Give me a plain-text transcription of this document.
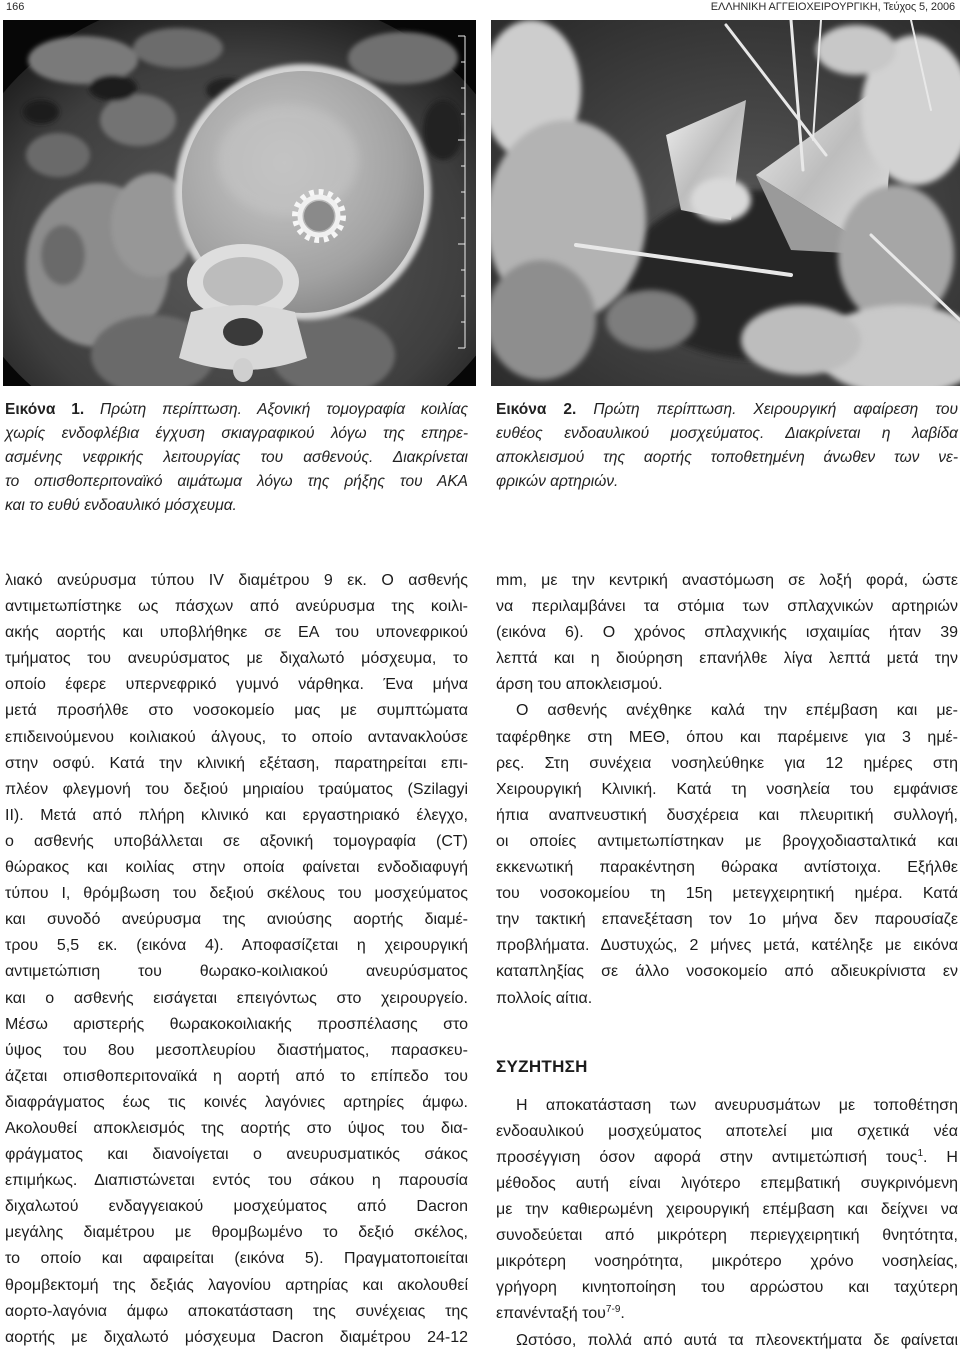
166	ΕΛΛΗΝΙΚΗ ΑΓΓΕΙΟΧΕΙΡΟΥΡΓΙΚΗ, Τεύχος 5, 2006
Εικόνα 1. Πρώτη περίπτωση. Αξονική τομογραφία κοιλίας
χωρίς ενδοφλέβια έγχυση σκιαγραφικού λόγω της επηρε-
ασμένης νεφρικής λειτουργίας του ασθενούς. Διακρίνεται
το οπισθοπεριτοναϊκό αιμάτωμα λόγω της ρήξης του ΑΚΑ
και το ευθύ ενδοαυλικό μόσχευμα.
Εικόνα 2. Πρώτη περίπτωση. Χειρουργική αφαίρεση του
ευθέος ενδοαυλικού μοσχεύματος. Διακρίνεται η λαβίδα
αποκλεισμού της αορτής τοποθετημένη άνωθεν των νε-
φρικών αρτηριών.
λιακό ανεύρυσμα τύπου IV διαμέτρου 9 εκ. Ο ασθενής
αντιμετωπίστηκε ως πάσχων από ανεύρυσμα της κοιλι-
ακής αορτής και υποβλήθηκε σε ΕΑ του υπονεφρικού
τμήματος του ανευρύσματος με διχαλωτό μόσχευμα, το
οποίο έφερε υπερνεφρικό γυμνό νάρθηκα. Ένα μήνα
μετά προσήλθε στο νοσοκομείο μας με συμπτώματα
επιδεινούμενου κοιλιακού άλγους, το οποίο αντανακλούσε
στην οσφύ. Κατά την κλινική εξέταση, παρατηρείται επι-
πλέον φλεγμονή του δεξιού μηριαίου τραύματος (Szilagyi
II). Μετά από πλήρη κλινικό και εργαστηριακό έλεγχο,
ο ασθενής υποβάλλεται σε αξονική τομογραφία (CT)
θώρακος και κοιλίας στην οποία φαίνεται ενδοδιαφυγή
τύπου I, θρόμβωση του δεξιού σκέλους του μοσχεύματος
και συνοδό ανεύρυσμα της ανιούσης αορτής διαμέ-
τρου 5,5 εκ. (εικόνα 4). Αποφασίζεται η χειρουργική
αντιμετώπιση του θωρακο-κοιλιακού ανευρύσματος
και ο ασθενής εισάγεται επειγόντως στο χειρουργείο.
Μέσω αριστερής θωρακοκοιλιακής προσπέλασης στο
ύψος του 8ου μεσοπλευρίου διαστήματος, παρασκευ-
άζεται οπισθοπεριτοναϊκά η αορτή από το επίπεδο του
διαφράγματος έως τις κοινές λαγόνιες αρτηρίες άμφω.
Ακολουθεί αποκλεισμός της αορτής στο ύψος του δια-
φράγματος και διανοίγεται ο ανευρυσματικός σάκος
επιμήκως. Διαπιστώνεται εντός του σάκου η παρουσία
διχαλωτού ενδαγγειακού μοσχεύματος από Dacron
μεγάλης διαμέτρου με θρομβωμένο το δεξιό σκέλος,
το οποίο και αφαιρείται (εικόνα 5). Πραγματοποιείται
θρομβεκτομή της δεξιάς λαγονίου αρτηρίας και ακολουθεί
αορτο-λαγόνια άμφω αποκατάσταση της συνέχειας της
αορτής με διχαλωτό μόσχευμα Dacron διαμέτρου 24-12
mm, με την κεντρική αναστόμωση σε λοξή φορά, ώστε
να περιλαμβάνει τα στόμια των σπλαχνικών αρτηριών
(εικόνα 6). Ο χρόνος σπλαχνικής ισχαιμίας ήταν 39
λεπτά και η διούρηση επανήλθε λίγα λεπτά μετά την
άρση του αποκλεισμού.
Ο ασθενής ανέχθηκε καλά την επέμβαση και με-
ταφέρθηκε στη ΜΕΘ, όπου και παρέμεινε για 3 ημέ-
ρες. Στη συνέχεια νοσηλεύθηκε για 12 ημέρες στη
Χειρουργική Κλινική. Κατά τη νοσηλεία του εμφάνισε
ήπια αναπνευστική δυσχέρεια και πλευριτική συλλογή,
οι οποίες αντιμετωπίστηκαν με βρογχοδιασταλτικά και
εκκενωτική παρακέντηση θώρακα αντίστοιχα. Εξήλθε
του νοσοκομείου τη 15η μετεγχειρητική ημέρα. Κατά
την τακτική επανεξέταση τον 1ο μήνα δεν παρουσίαζε
προβλήματα. Δυστυχώς, 2 μήνες μετά, κατέληξε με εικόνα
καταπληξίας σε άλλο νοσοκομείο από αδιευκρίνιστα εν
πολλοίς αίτια.
ΣΥΖΗΤΗΣΗ
Η αποκατάσταση των ανευρυσμάτων με τοποθέτηση
ενδοαυλικού μοσχεύματος αποτελεί μια σχετικά νέα
προσέγγιση όσον αφορά στην αντιμετώπισή τους$^1$. Η
μέθοδος αυτή είναι λιγότερο επεμβατική συγκρινόμενη
με την καθιερωμένη χειρουργική επέμβαση και δείχνει να
συνοδεύεται από μικρότερη περιεγχειρητική θνητότητα,
μικρότερη νοσηρότητα, μικρότερο χρόνο νοσηλείας,
γρήγορη κινητοποίηση του αρρώστου και ταχύτερη
επανένταξή του$^{7-9}$.
Ωστόσο, πολλά από αυτά τα πλεονεκτήματα δε φαίνεται
